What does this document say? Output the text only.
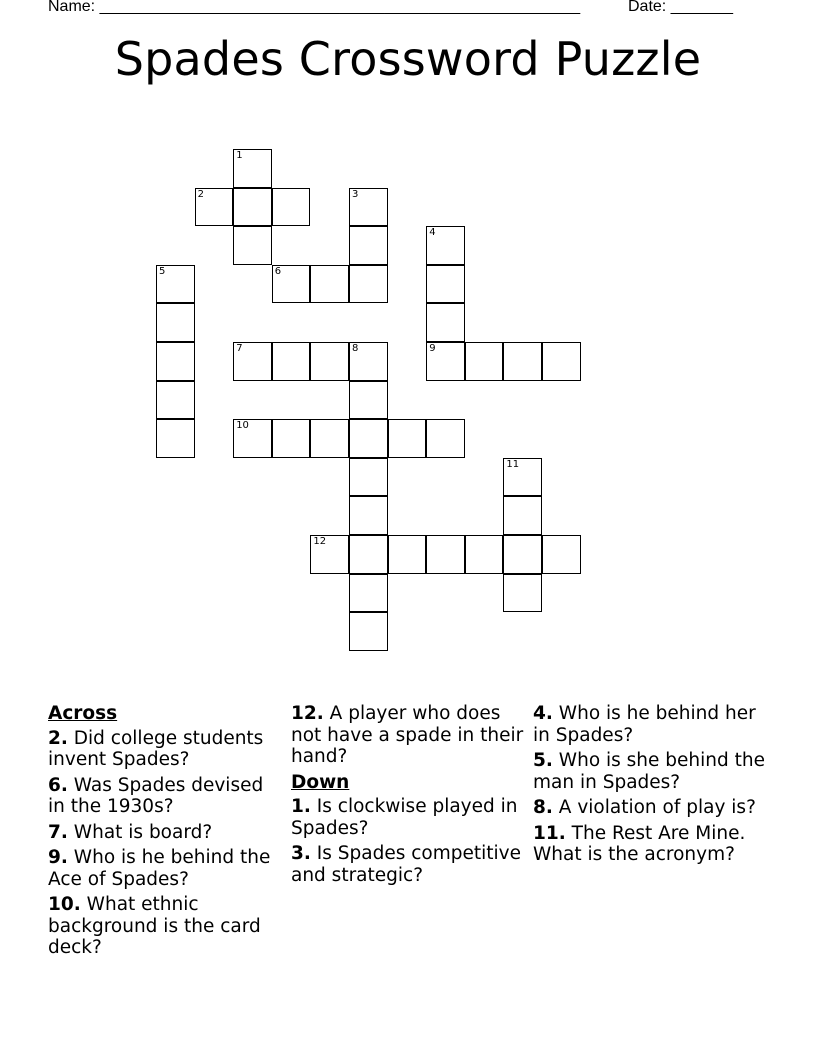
Name: ______________________________________________________	Date: _______
Spades Crossword Puzzle
1
2	3
4
5	6
7	8	9
10
11
12
Across
2. Did college students invent Spades?
6. Was Spades devised in the 1930s?
7. What is board?
9. Who is he behind the Ace of Spades?
10. What ethnic background is the card deck?
12. A player who does not have a spade in their hand?
Down
1. Is clockwise played in Spades?
3. Is Spades competitive and strategic?
4. Who is he behind her in Spades?
5. Who is she behind the man in Spades?
8. A violation of play is?
11. The Rest Are Mine. What is the acronym?
